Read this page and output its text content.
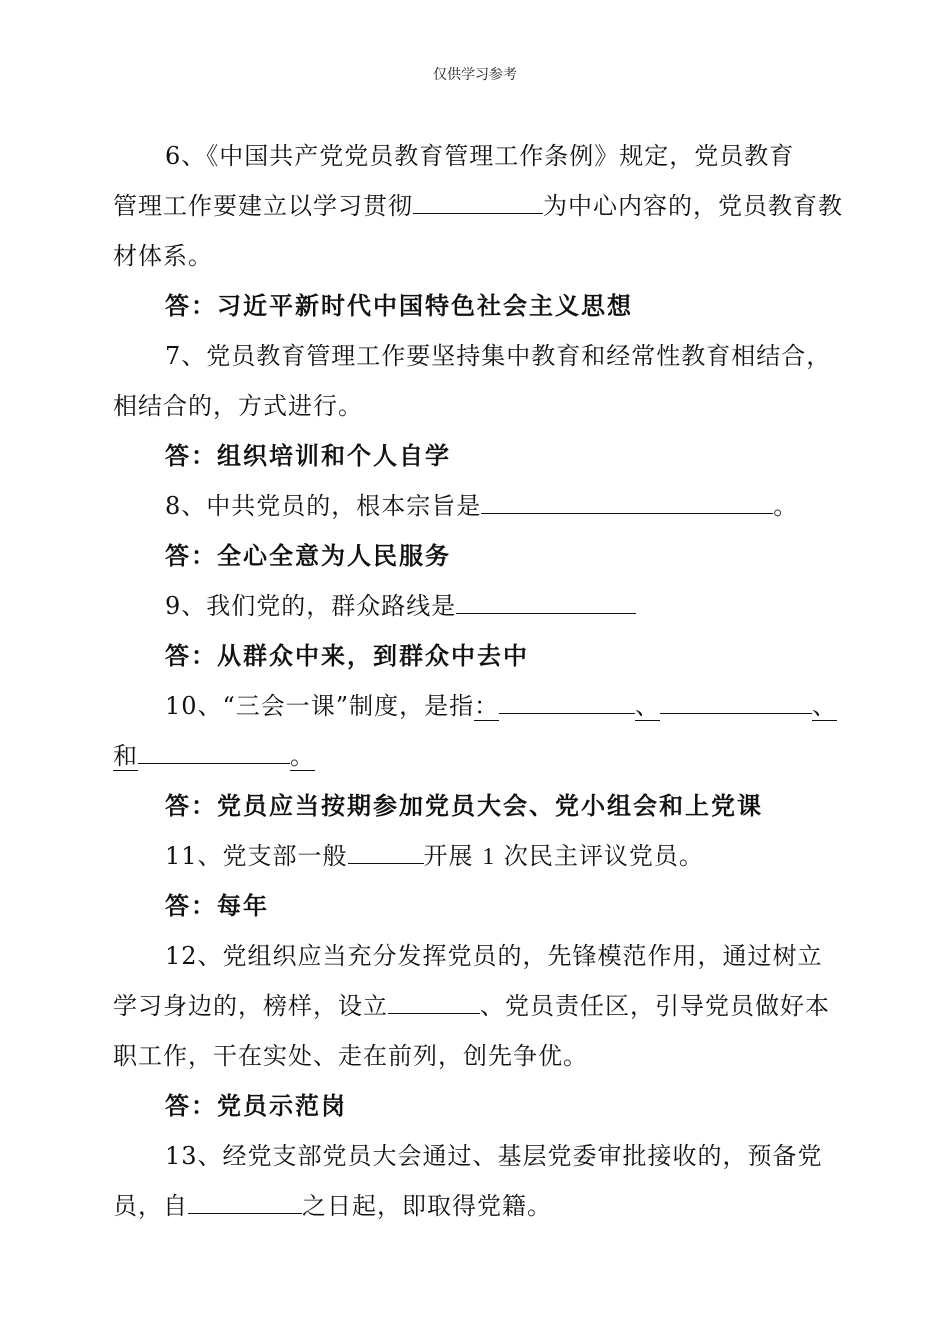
仅供学习参考
6、《中国共产党党员教育管理工作条例》规定，党员教育
管理工作要建立以学习贯彻	为中心内容的，党员教育教
材体系。
答：习近平新时代中国特色社会主义思想
7、党员教育管理工作要坚持集中教育和经常性教育相结合，
相结合的，方式进行。
答：组织培训和个人自学
8、中共党员的，根本宗旨是	。
答：全心全意为人民服务
9、我们党的，群众路线是
答：从群众中来，到群众中去中
10、“三会一课”制度，是指：	、	、
和	。
答：党员应当按期参加党员大会、党小组会和上党课
11、党支部一般	开展 1 次民主评议党员。
答：每年
12、党组织应当充分发挥党员的，先锋模范作用，通过树立
学习身边的，榜样，设立	、党员责任区，引导党员做好本
职工作，干在实处、走在前列，创先争优。
答：党员示范岗
13、经党支部党员大会通过、基层党委审批接收的，预备党
员，自	之日起，即取得党籍。
